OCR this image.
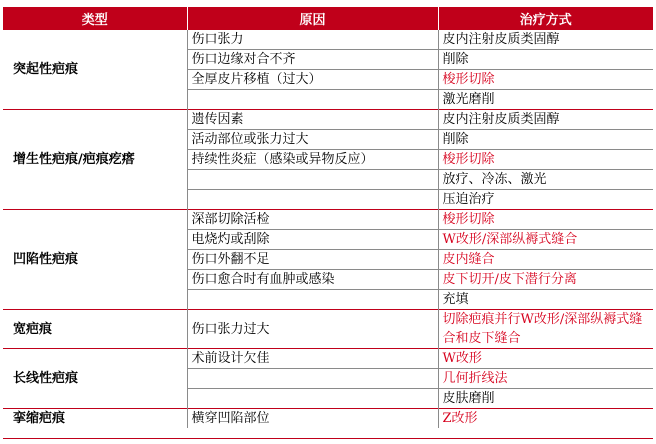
类型	原因	治疗方式
突起性疤痕	伤口张力	皮内注射皮质类固醇
	伤口边缘对合不齐	削除
	全厚皮片移植（过大）	梭形切除
		激光磨削
增生性疤痕/疤痕疙瘩	遗传因素	皮内注射皮质类固醇
	活动部位或张力过大	削除
	持续性炎症（感染或异物反应）	梭形切除
		放疗、冷冻、激光
		压迫治疗
凹陷性疤痕	深部切除活检	梭形切除
	电烧灼或刮除	W改形/深部纵褥式缝合
	伤口外翻不足	皮内缝合
	伤口愈合时有血肿或感染	皮下切开/皮下潜行分离
		充填
宽疤痕	伤口张力过大	切除疤痕并行W改形/深部纵褥式缝合和皮下缝合
长线性疤痕	术前设计欠佳	W改形
		几何折线法
		皮肤磨削
挛缩疤痕	横穿凹陷部位	Z改形
